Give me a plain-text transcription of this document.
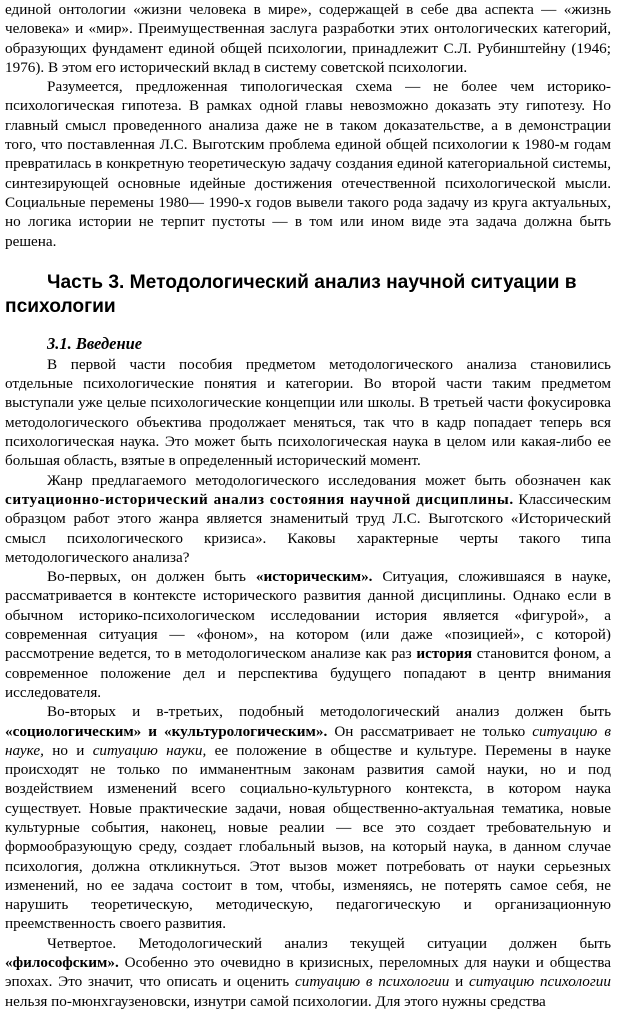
единой онтологии «жизни человека в мире», содержащей в себе два аспекта — «жизнь человека» и «мир». Преимущественная заслуга разработки этих онтологических категорий, образующих фундамент единой общей психологии, принадлежит С.Л. Рубинштейну (1946; 1976). В этом его исторический вклад в систему советской психологии.

Разумеется, предложенная типологическая схема — не более чем историко-психологическая гипотеза. В рамках одной главы невозможно доказать эту гипотезу. Но главный смысл проведенного анализа даже не в таком доказательстве, а в демонстрации того, что поставленная Л.С. Выготским проблема единой общей психологии к 1980-м годам превратилась в конкретную теоретическую задачу создания единой категориальной системы, синтезирующей основные идейные достижения отечественной психологической мысли. Социальные перемены 1980— 1990-х годов вывели такого рода задачу из круга актуальных, но логика истории не терпит пустоты — в том или ином виде эта задача должна быть решена.

Часть 3. Методологический анализ научной ситуации в психологии
3.1. Введение

В первой части пособия предметом методологического анализа становились отдельные психологические понятия и категории. Во второй части таким предметом выступали уже целые психологические концепции или школы. В третьей части фокусировка методологического объектива продолжает меняться, так что в кадр попадает теперь вся психологическая наука. Это может быть психологическая наука в целом или какая-либо ее большая область, взятые в определенный исторический момент.

Жанр предлагаемого методологического исследования может быть обозначен как ситуационно-исторический анализ состояния научной дисциплины. Классическим образцом работ этого жанра является знаменитый труд Л.С. Выготского «Исторический смысл психологического кризиса». Каковы характерные черты такого типа методологического анализа?

Во-первых, он должен быть «историческим». Ситуация, сложившаяся в науке, рассматривается в контексте исторического развития данной дисциплины. Однако если в обычном историко-психологическом исследовании история является «фигурой», а современная ситуация — «фоном», на котором (или даже «позицией», с которой) рассмотрение ведется, то в методологическом анализе как раз история становится фоном, а современное положение дел и перспектива будущего попадают в центр внимания исследователя.

Во-вторых и в-третьих, подобный методологический анализ должен быть «социологическим» и «культурологическим». Он рассматривает не только ситуацию в науке, но и ситуацию науки, ее положение в обществе и культуре. Перемены в науке происходят не только по имманентным законам развития самой науки, но и под воздействием изменений всего социально-культурного контекста, в котором наука существует. Новые практические задачи, новая общественно-актуальная тематика, новые культурные события, наконец, новые реалии — все это создает требовательную и формообразующую среду, создает глобальный вызов, на который наука, в данном случае психология, должна откликнуться. Этот вызов может потребовать от науки серьезных изменений, но ее задача состоит в том, чтобы, изменяясь, не потерять самое себя, не нарушить теоретическую, методическую, педагогическую и организационную преемственность своего развития.

Четвертое. Методологический анализ текущей ситуации должен быть «философским». Особенно это очевидно в кризисных, переломных для науки и общества эпохах. Это значит, что описать и оценить ситуацию в психологии и ситуацию психологии нельзя по-мюнхгаузеновски, изнутри самой психологии. Для этого нужны средства
